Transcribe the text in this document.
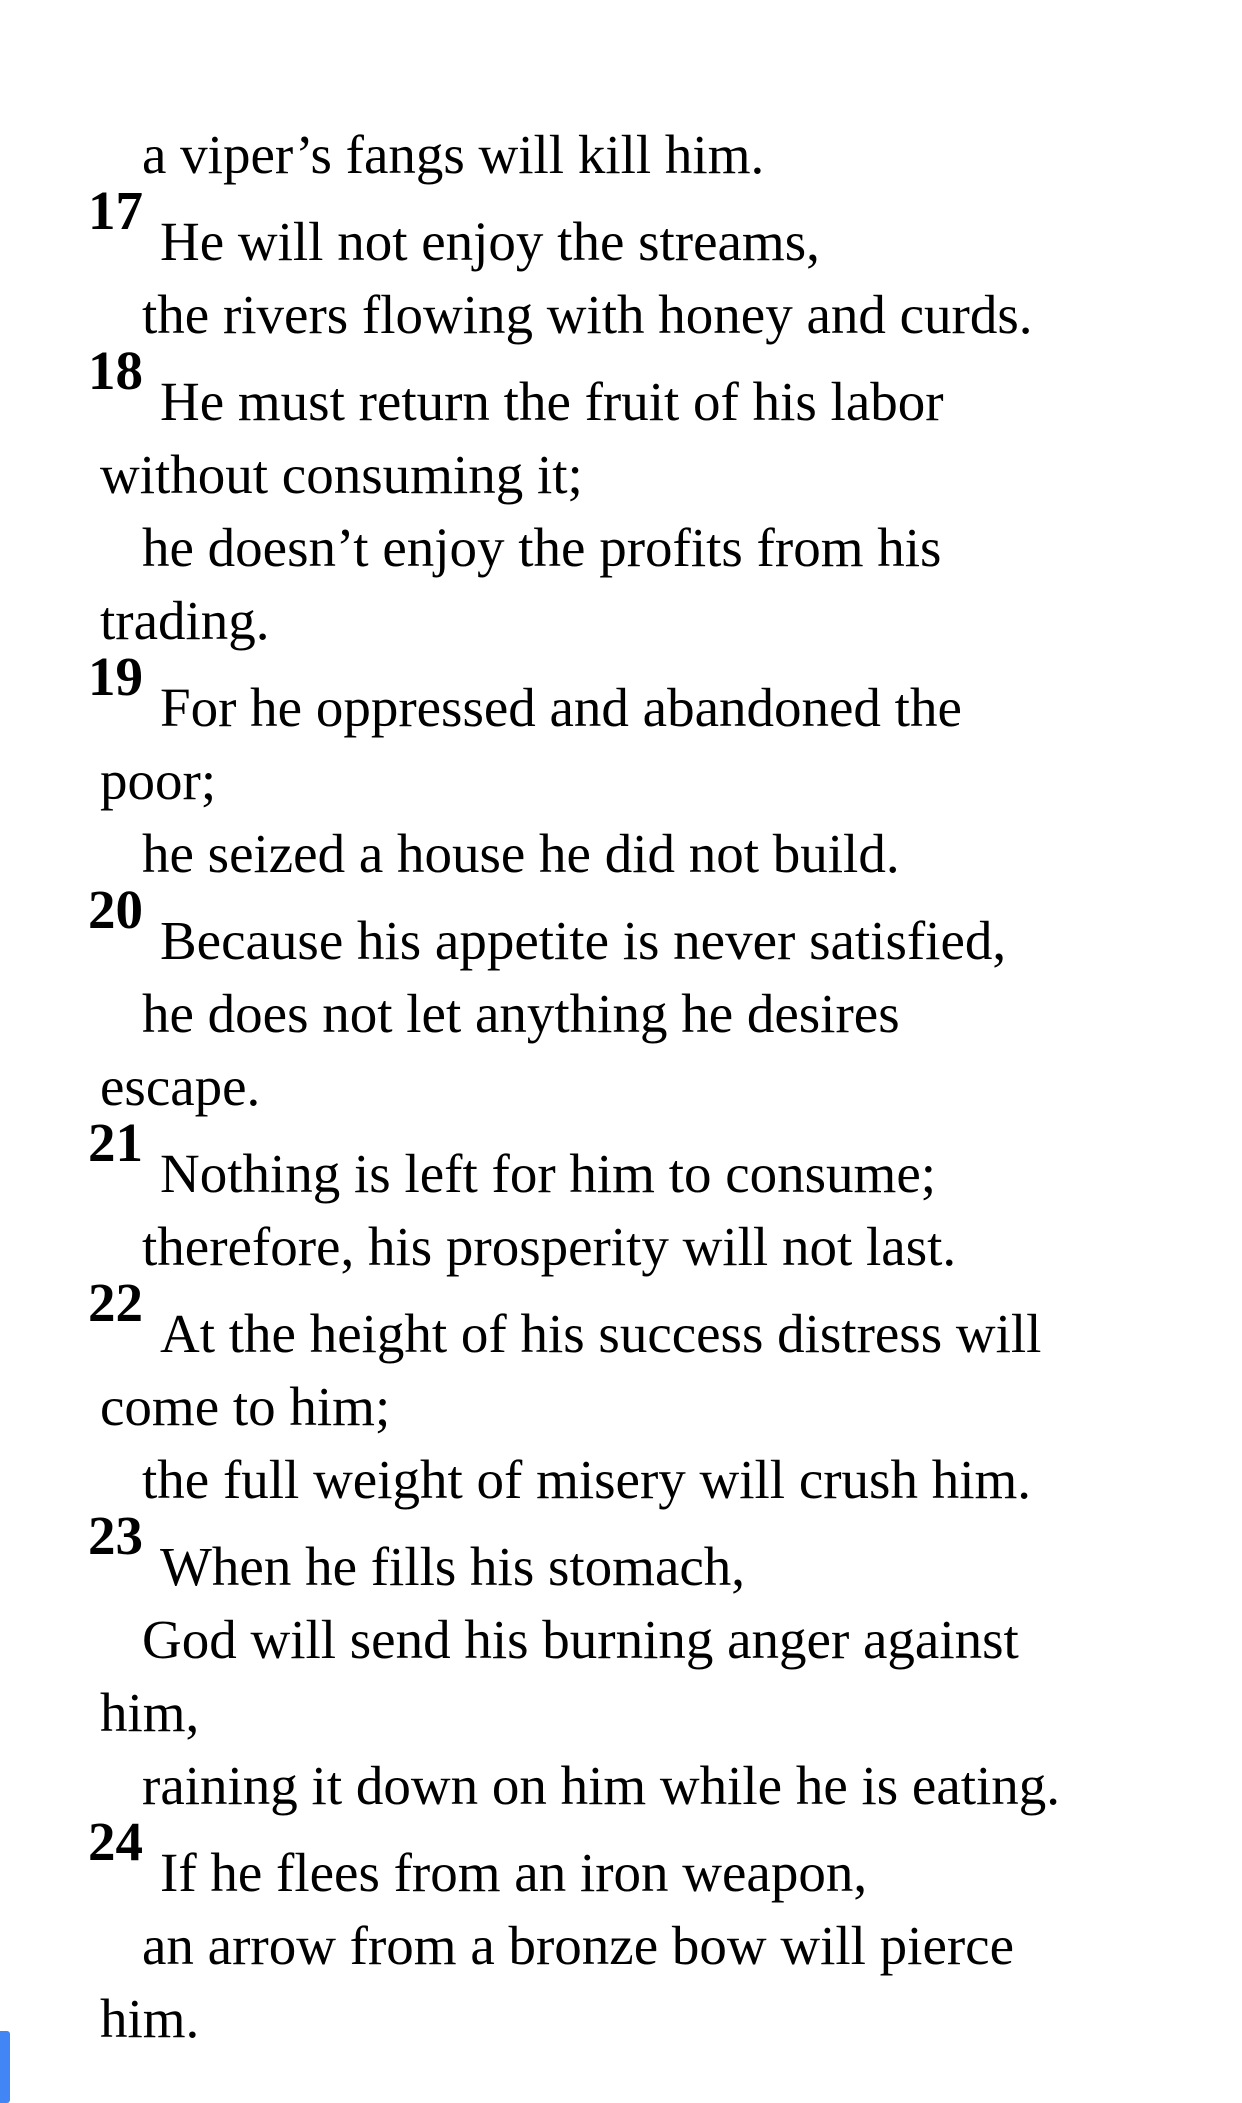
a viper’s fangs will kill him.
17He will not enjoy the streams,
the rivers flowing with honey and curds.
18He must return the fruit of his labor
without consuming it;
he doesn’t enjoy the profits from his
trading.
19For he oppressed and abandoned the
poor;
he seized a house he did not build.
20Because his appetite is never satisfied,
he does not let anything he desires
escape.
21Nothing is left for him to consume;
therefore, his prosperity will not last.
22At the height of his success distress will
come to him;
the full weight of misery will crush him.
23When he fills his stomach,
God will send his burning anger against
him,
raining it down on him while he is eating.
24If he flees from an iron weapon,
an arrow from a bronze bow will pierce
him.
